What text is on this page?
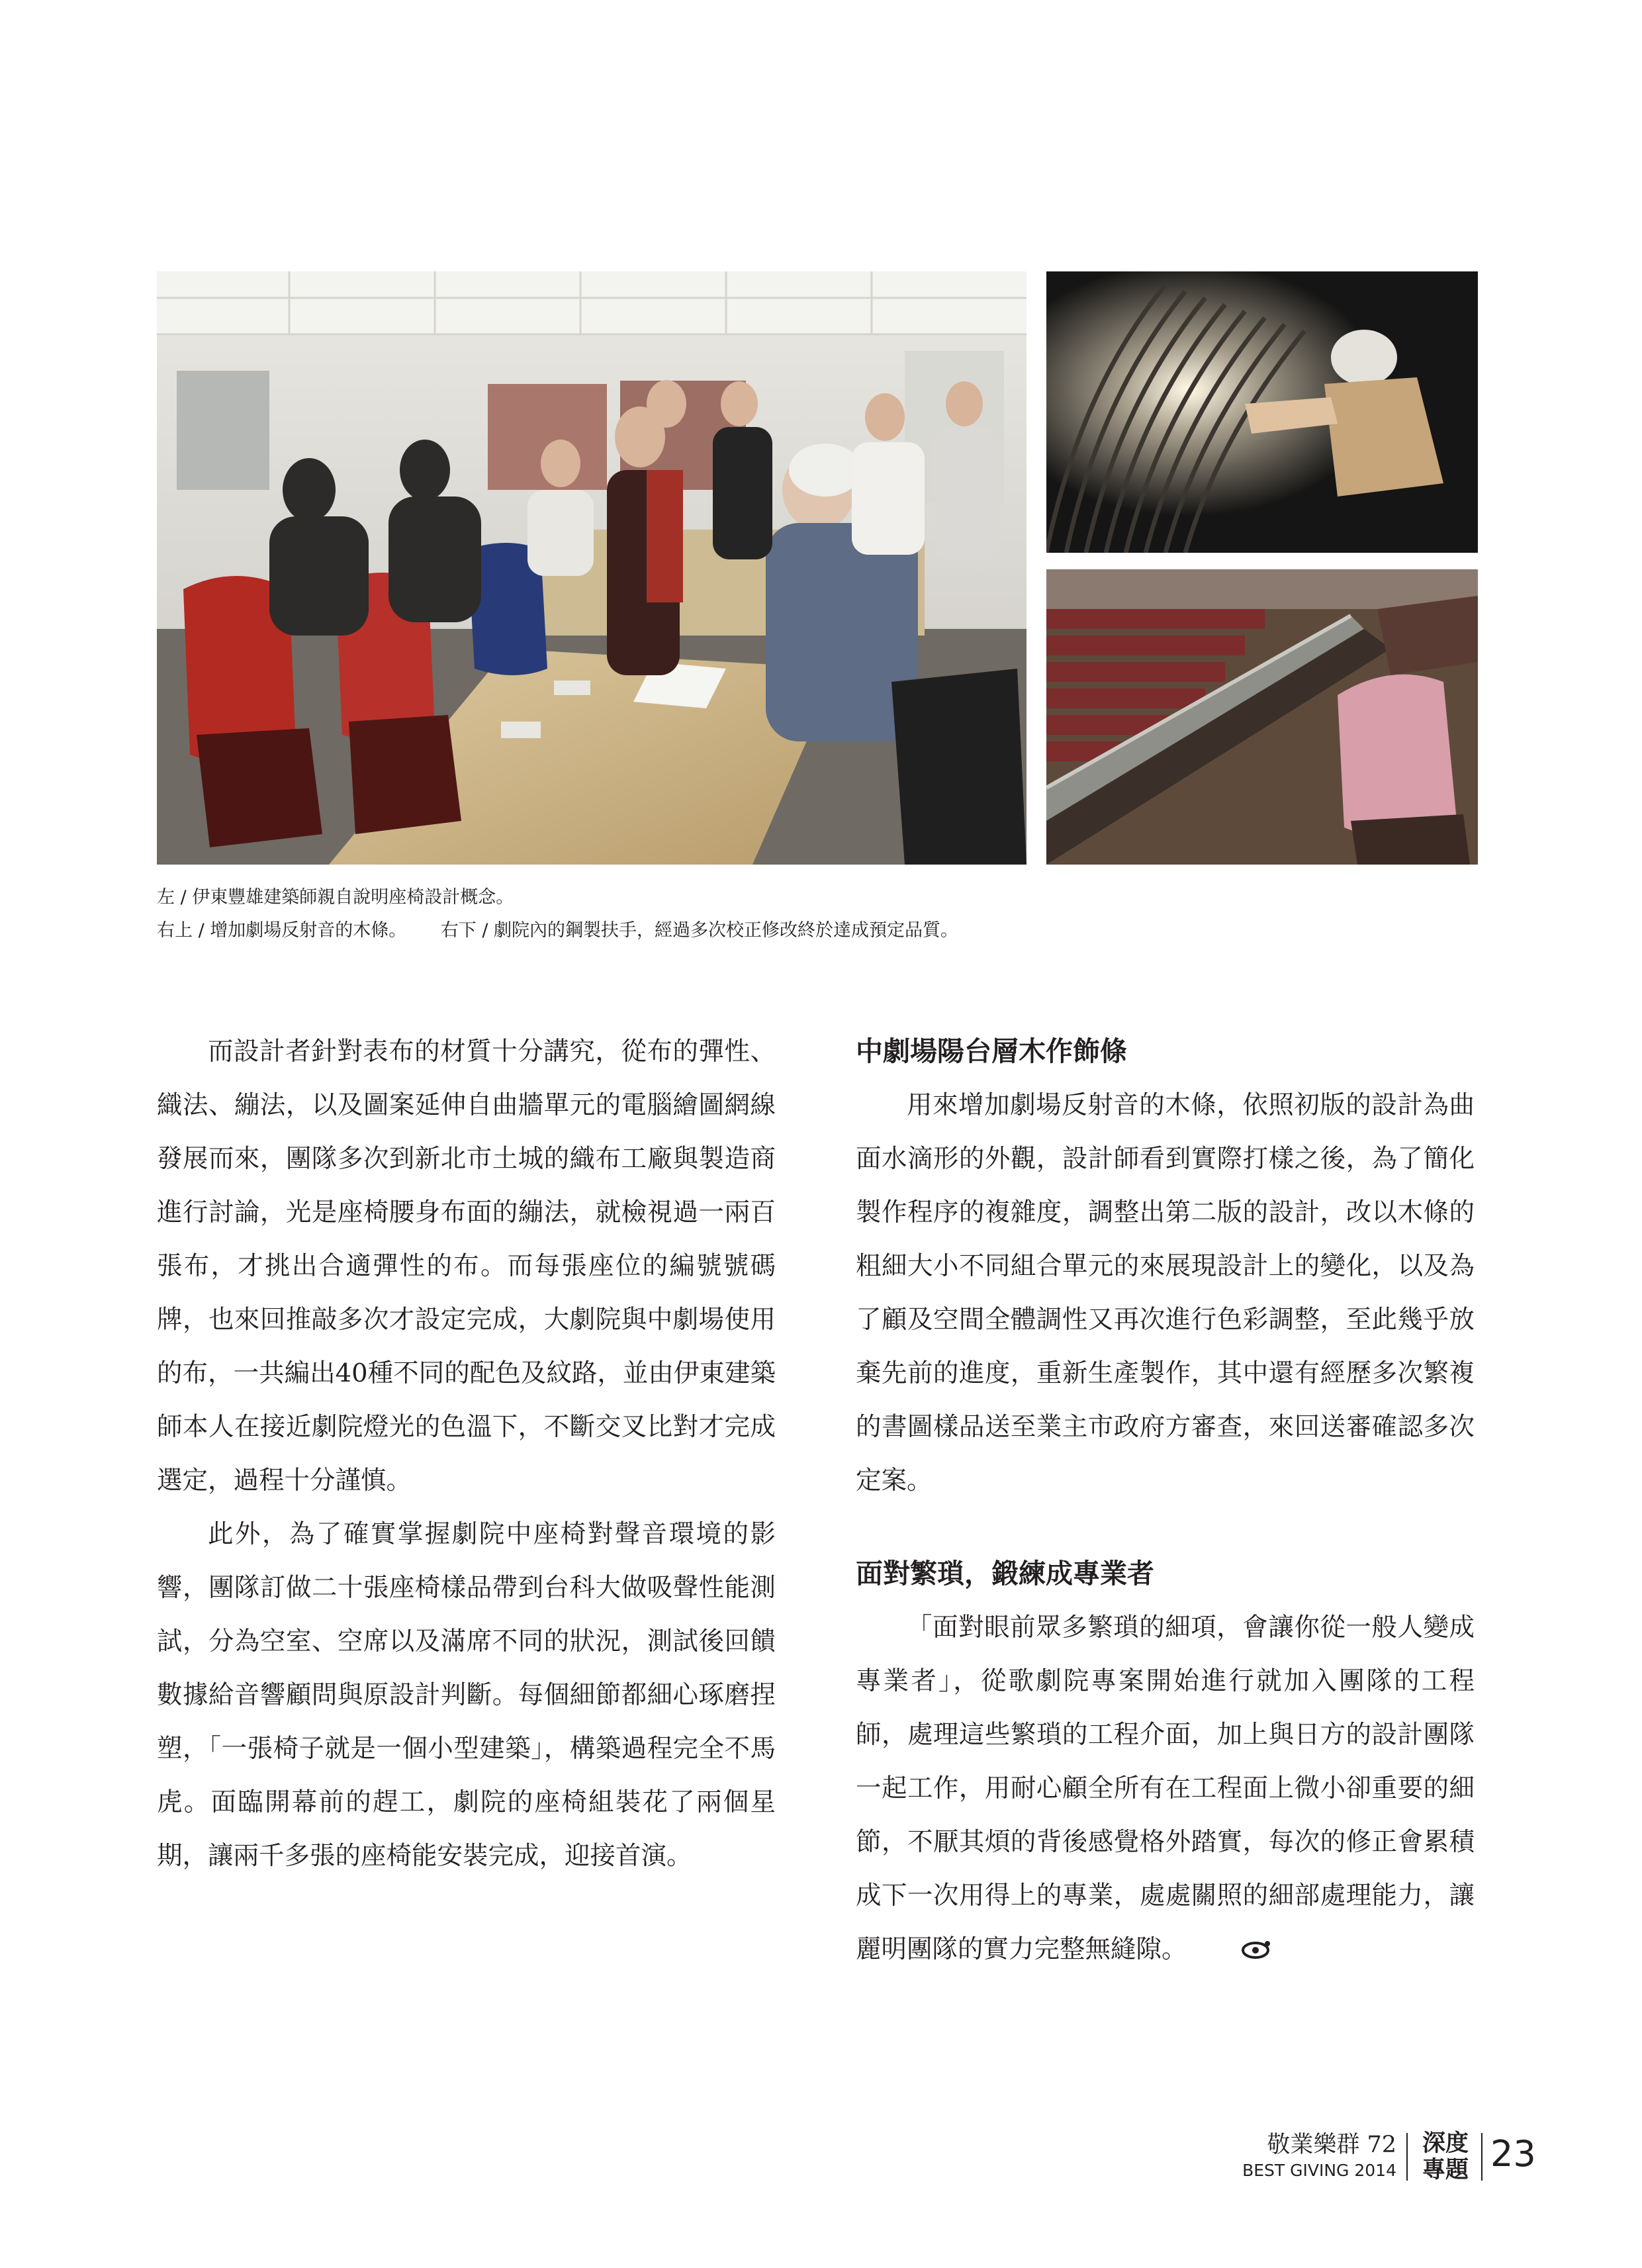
左 / 伊東豐雄建築師親自說明座椅設計概念。
右上 / 增加劇場反射音的木條。      右下 / 劇院內的鋼製扶手，經過多次校正修改終於達成預定品質。

而設計者針對表布的材質十分講究，從布的彈性、織法、繃法，以及圖案延伸自曲牆單元的電腦繪圖網線發展而來，團隊多次到新北市土城的織布工廠與製造商進行討論，光是座椅腰身布面的繃法，就檢視過一兩百張布，才挑出合適彈性的布。而每張座位的編號號碼牌，也來回推敲多次才設定完成，大劇院與中劇場使用的布，一共編出40種不同的配色及紋路，並由伊東建築師本人在接近劇院燈光的色溫下，不斷交叉比對才完成選定，過程十分謹慎。

此外，為了確實掌握劇院中座椅對聲音環境的影響，團隊訂做二十張座椅樣品帶到台科大做吸聲性能測試，分為空室、空席以及滿席不同的狀況，測試後回饋數據給音響顧問與原設計判斷。每個細節都細心琢磨捏塑，「一張椅子就是一個小型建築」，構築過程完全不馬虎。面臨開幕前的趕工，劇院的座椅組裝花了兩個星期，讓兩千多張的座椅能安裝完成，迎接首演。

中劇場陽台層木作飾條

用來增加劇場反射音的木條，依照初版的設計為曲面水滴形的外觀，設計師看到實際打樣之後，為了簡化製作程序的複雜度，調整出第二版的設計，改以木條的粗細大小不同組合單元的來展現設計上的變化，以及為了顧及空間全體調性又再次進行色彩調整，至此幾乎放棄先前的進度，重新生產製作，其中還有經歷多次繁複的書圖樣品送至業主市政府方審查，來回送審確認多次定案。

面對繁瑣，鍛練成專業者

「面對眼前眾多繁瑣的細項，會讓你從一般人變成專業者」，從歌劇院專案開始進行就加入團隊的工程師，處理這些繁瑣的工程介面，加上與日方的設計團隊一起工作，用耐心顧全所有在工程面上微小卻重要的細節，不厭其煩的背後感覺格外踏實，每次的修正會累積成下一次用得上的專業，處處關照的細部處理能力，讓麗明團隊的實力完整無縫隙。

敬業樂群 72
BEST GIVING 2014
深度
專題 23
